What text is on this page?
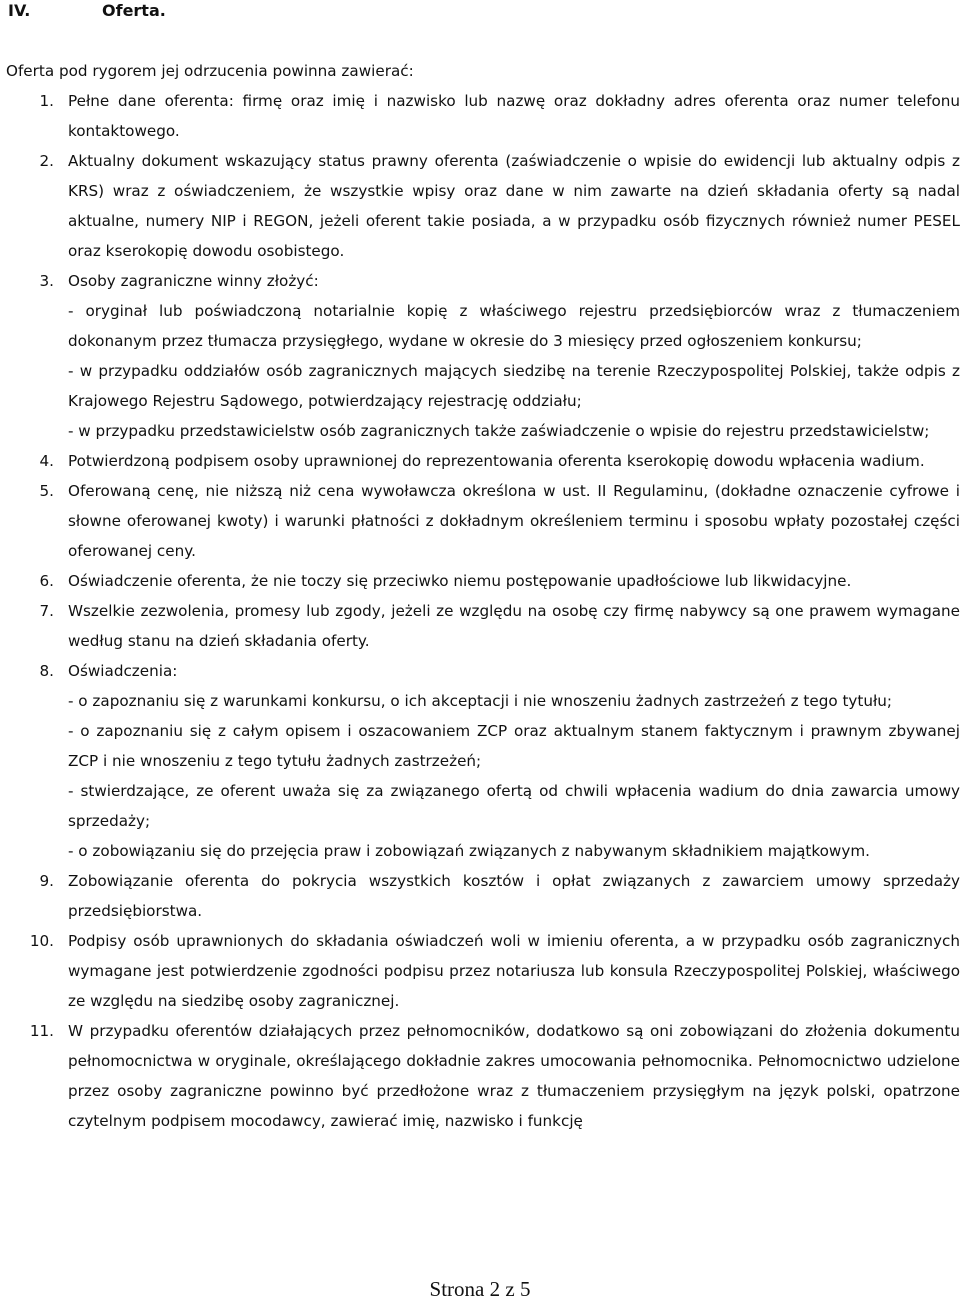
IV.	Oferta.
Oferta pod rygorem jej odrzucenia powinna zawierać:
1. Pełne dane oferenta: firmę oraz imię i nazwisko lub nazwę oraz dokładny adres oferenta oraz numer telefonu kontaktowego.
2. Aktualny dokument wskazujący status prawny oferenta (zaświadczenie o wpisie do ewidencji lub aktualny odpis z KRS) wraz z oświadczeniem, że wszystkie wpisy oraz dane w nim zawarte na dzień składania oferty są nadal aktualne, numery NIP i REGON, jeżeli oferent takie posiada, a w przypadku osób fizycznych również numer PESEL oraz kserokopię dowodu osobistego.
3. Osoby zagraniczne winny złożyć:
- oryginał lub poświadczoną notarialnie kopię z właściwego rejestru przedsiębiorców wraz z tłumaczeniem dokonanym przez tłumacza przysięgłego, wydane w okresie do 3 miesięcy przed ogłoszeniem konkursu;
- w przypadku oddziałów osób zagranicznych mających siedzibę na terenie Rzeczypospolitej Polskiej, także odpis z Krajowego Rejestru Sądowego, potwierdzający rejestrację oddziału;
- w przypadku przedstawicielstw osób zagranicznych także zaświadczenie o wpisie do rejestru przedstawicielstw;
4. Potwierdzoną podpisem osoby uprawnionej do reprezentowania oferenta kserokopię dowodu wpłacenia wadium.
5. Oferowaną cenę, nie niższą niż cena wywoławcza określona w ust. II Regulaminu, (dokładne oznaczenie cyfrowe i słowne oferowanej kwoty) i warunki płatności z dokładnym określeniem terminu i sposobu wpłaty pozostałej części oferowanej ceny.
6. Oświadczenie oferenta, że nie toczy się przeciwko niemu postępowanie upadłościowe lub likwidacyjne.
7. Wszelkie zezwolenia, promesy lub zgody, jeżeli ze względu na osobę czy firmę nabywcy są one prawem wymagane według stanu na dzień składania oferty.
8. Oświadczenia:
- o zapoznaniu się z warunkami konkursu, o ich akceptacji i nie wnoszeniu żadnych zastrzeżeń z tego tytułu;
- o zapoznaniu się z całym opisem i oszacowaniem ZCP oraz aktualnym stanem faktycznym i prawnym zbywanej ZCP i nie wnoszeniu z tego tytułu żadnych zastrzeżeń;
- stwierdzające, ze oferent uważa się za związanego ofertą od chwili wpłacenia wadium do dnia zawarcia umowy sprzedaży;
- o zobowiązaniu się do przejęcia praw i zobowiązań związanych z nabywanym składnikiem majątkowym.
9. Zobowiązanie oferenta do pokrycia wszystkich kosztów i opłat związanych z zawarciem umowy sprzedaży przedsiębiorstwa.
10. Podpisy osób uprawnionych do składania oświadczeń woli w imieniu oferenta, a w przypadku osób zagranicznych wymagane jest potwierdzenie zgodności podpisu przez notariusza lub konsula Rzeczypospolitej Polskiej, właściwego ze względu na siedzibę osoby zagranicznej.
11. W przypadku oferentów działających przez pełnomocników, dodatkowo są oni zobowiązani do złożenia dokumentu pełnomocnictwa w oryginale, określającego dokładnie zakres umocowania pełnomocnika. Pełnomocnictwo udzielone przez osoby zagraniczne powinno być przedłożone wraz z tłumaczeniem przysięgłym na język polski, opatrzone czytelnym podpisem mocodawcy, zawierać imię, nazwisko i funkcję
Strona 2 z 5
